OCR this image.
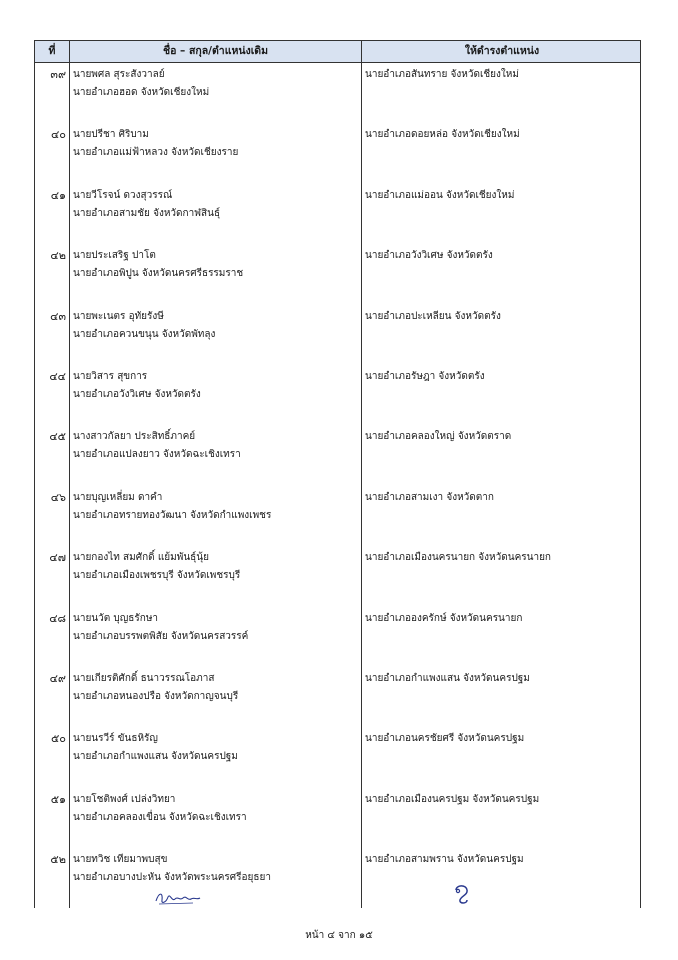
ที่	ชื่อ – สกุล/ตำแหน่งเดิม	ให้ดำรงตำแหน่ง
๓๙ นายพศล สุระสังวาลย์
นายอำเภอฮอด จังหวัดเชียงใหม่
นายอำเภอสันทราย จังหวัดเชียงใหม่
๔๐ นายปรีชา ศิริบาม
นายอำเภอแม่ฟ้าหลวง จังหวัดเชียงราย
นายอำเภอดอยหล่อ จังหวัดเชียงใหม่
๔๑ นายวีโรจน์ ดวงสุวรรณ์
นายอำเภอสามชัย จังหวัดกาฬสินธุ์
นายอำเภอแม่ออน จังหวัดเชียงใหม่
๔๒ นายประเสริฐ ปาโต
นายอำเภอพิปูน จังหวัดนครศรีธรรมราช
นายอำเภอวังวิเศษ จังหวัดตรัง
๔๓ นายพะเนตร อุทัยรังษี
นายอำเภอควนขนุน จังหวัดพัทลุง
นายอำเภอปะเหลียน จังหวัดตรัง
๔๔ นายวิสาร สุขการ
นายอำเภอวังวิเศษ จังหวัดตรัง
นายอำเภอรัษฎา จังหวัดตรัง
๔๕ นางสาวกัลยา ประสิทธิ์ภาคย์
นายอำเภอแปลงยาว จังหวัดฉะเชิงเทรา
นายอำเภอคลองใหญ่ จังหวัดตราด
๔๖ นายบุญเหลี่ยม ดาคำ
นายอำเภอทรายทองวัฒนา จังหวัดกำแพงเพชร
นายอำเภอสามเงา จังหวัดตาก
๔๗ นายกองไท สมศักดิ์ แย้มพันธุ์นุ้ย
นายอำเภอเมืองเพชรบุรี จังหวัดเพชรบุรี
นายอำเภอเมืองนครนายก จังหวัดนครนายก
๔๘ นายนวัต บุญธรักษา
นายอำเภอบรรพตพิสัย จังหวัดนครสวรรค์
นายอำเภอองครักษ์ จังหวัดนครนายก
๔๙ นายเกียรติศักดิ์ ธนาวรรณโอภาส
นายอำเภอหนองปรือ จังหวัดกาญจนบุรี
นายอำเภอกำแพงแสน จังหวัดนครปฐม
๕๐ นายนรวีร์ ขันธหิรัญ
นายอำเภอกำแพงแสน จังหวัดนครปฐม
นายอำเภอนครชัยศรี จังหวัดนครปฐม
๕๑ นายโชติพงศ์ เปล่งวิทยา
นายอำเภอคลองเขื่อน จังหวัดฉะเชิงเทรา
นายอำเภอเมืองนครปฐม จังหวัดนครปฐม
๕๒ นายทวิช เทียมาพบสุข
นายอำเภอบางปะหัน จังหวัดพระนครศรีอยุธยา
นายอำเภอสามพราน จังหวัดนครปฐม
หน้า ๔ จาก ๑๕
